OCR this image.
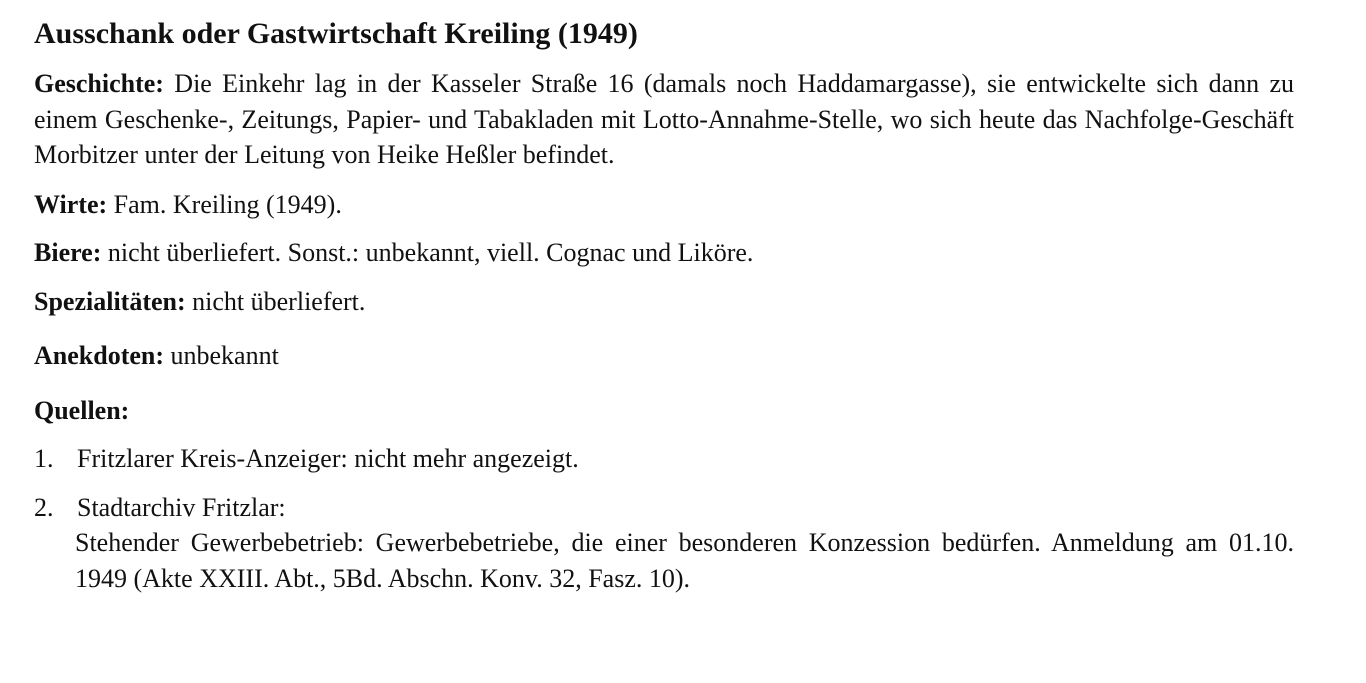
Ausschank oder Gastwirtschaft Kreiling (1949)

Geschichte: Die Einkehr lag in der Kasseler Straße 16 (damals noch Haddamargasse), sie entwickelte sich dann zu einem Geschenke-, Zeitungs, Papier- und Tabakladen mit Lotto-Annahme-Stelle, wo sich heute das Nachfolge-Geschäft Morbitzer unter der Leitung von Heike Heßler befindet.

Wirte: Fam. Kreiling (1949).

Biere: nicht überliefert. Sonst.: unbekannt, viell. Cognac und Liköre.

Spezialitäten: nicht überliefert.

Anekdoten: unbekannt

Quellen:

1. Fritzlarer Kreis-Anzeiger: nicht mehr angezeigt.
2. Stadtarchiv Fritzlar:
Stehender Gewerbebetrieb: Gewerbebetriebe, die einer besonderen Konzession bedürfen. Anmeldung am 01.10. 1949 (Akte XXIII. Abt., 5Bd. Abschn. Konv. 32, Fasz. 10).
